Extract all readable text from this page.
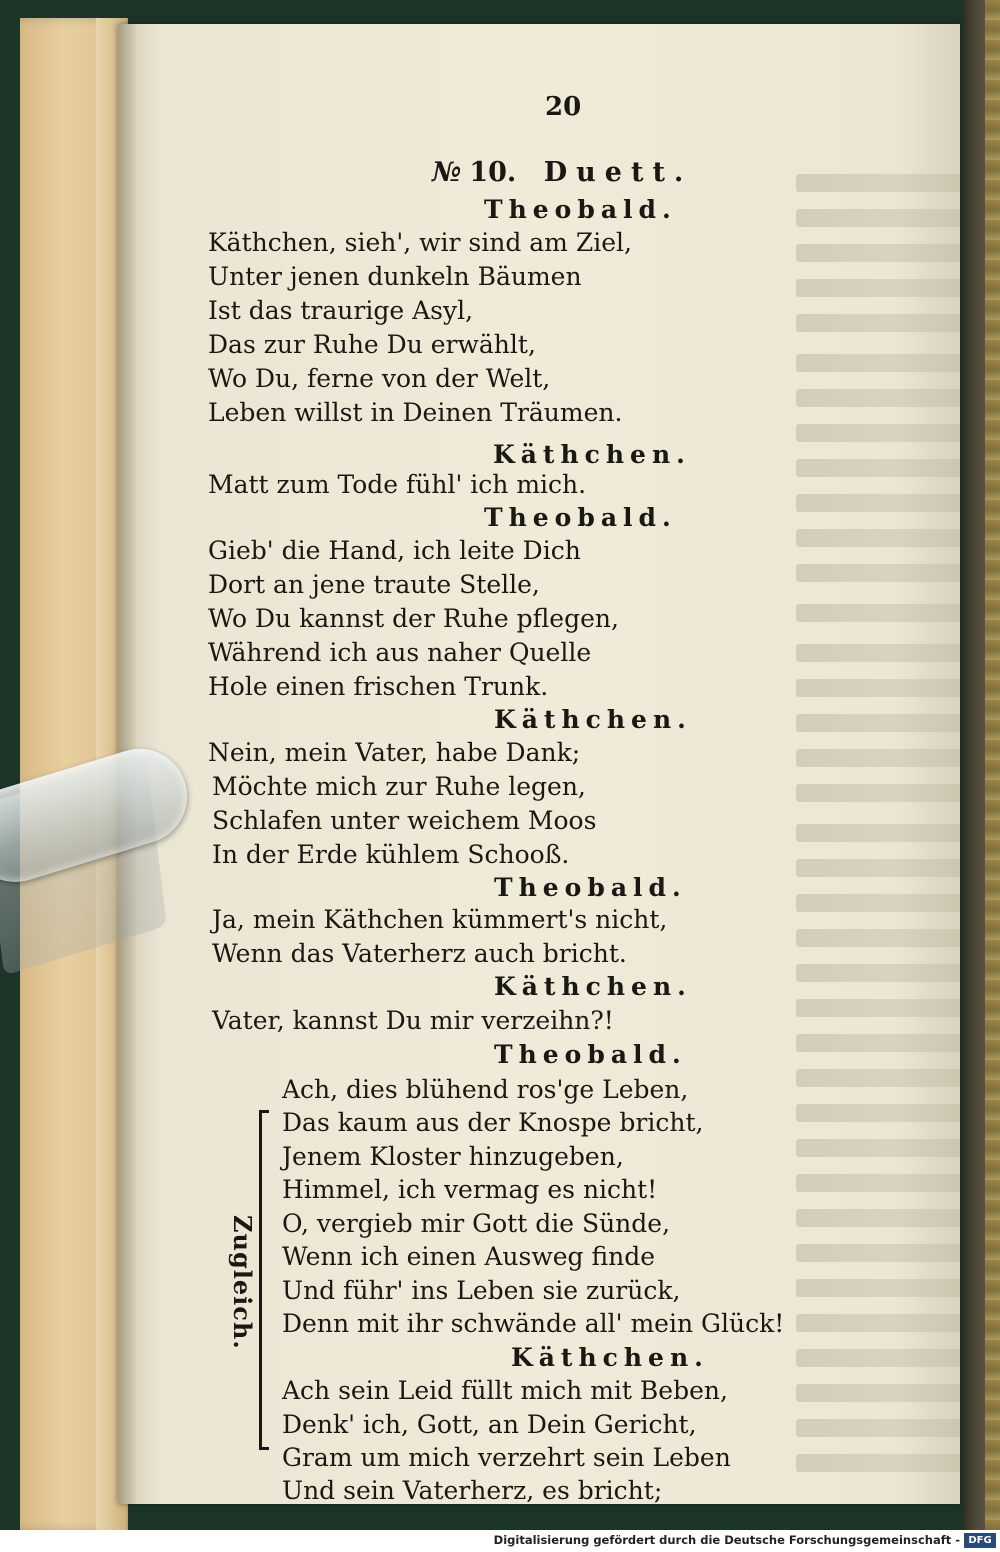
20
№ 10. Duett.
Theobald.
Käthchen, sieh', wir sind am Ziel,
Unter jenen dunkeln Bäumen
Ist das traurige Asyl,
Das zur Ruhe Du erwählt,
Wo Du, ferne von der Welt,
Leben willst in Deinen Träumen.
Käthchen.
Matt zum Tode fühl' ich mich.
Theobald.
Gieb' die Hand, ich leite Dich
Dort an jene traute Stelle,
Wo Du kannst der Ruhe pflegen,
Während ich aus naher Quelle
Hole einen frischen Trunk.
Käthchen.
Nein, mein Vater, habe Dank;
Möchte mich zur Ruhe legen,
Schlafen unter weichem Moos
In der Erde kühlem Schooß.
Theobald.
Ja, mein Käthchen kümmert's nicht,
Wenn das Vaterherz auch bricht.
Käthchen.
Vater, kannst Du mir verzeihn?!
Theobald.
Ach, dies blühend ros'ge Leben,
Das kaum aus der Knospe bricht,
Jenem Kloster hinzugeben,
Himmel, ich vermag es nicht!
O, vergieb mir Gott die Sünde,
Wenn ich einen Ausweg finde
Und führ' ins Leben sie zurück,
Denn mit ihr schwände all' mein Glück!
Käthchen.
Ach sein Leid füllt mich mit Beben,
Denk' ich, Gott, an Dein Gericht,
Gram um mich verzehrt sein Leben
Und sein Vaterherz, es bricht;
Zugleich.
Digitalisierung gefördert durch die Deutsche Forschungsgemeinschaft - DFG
